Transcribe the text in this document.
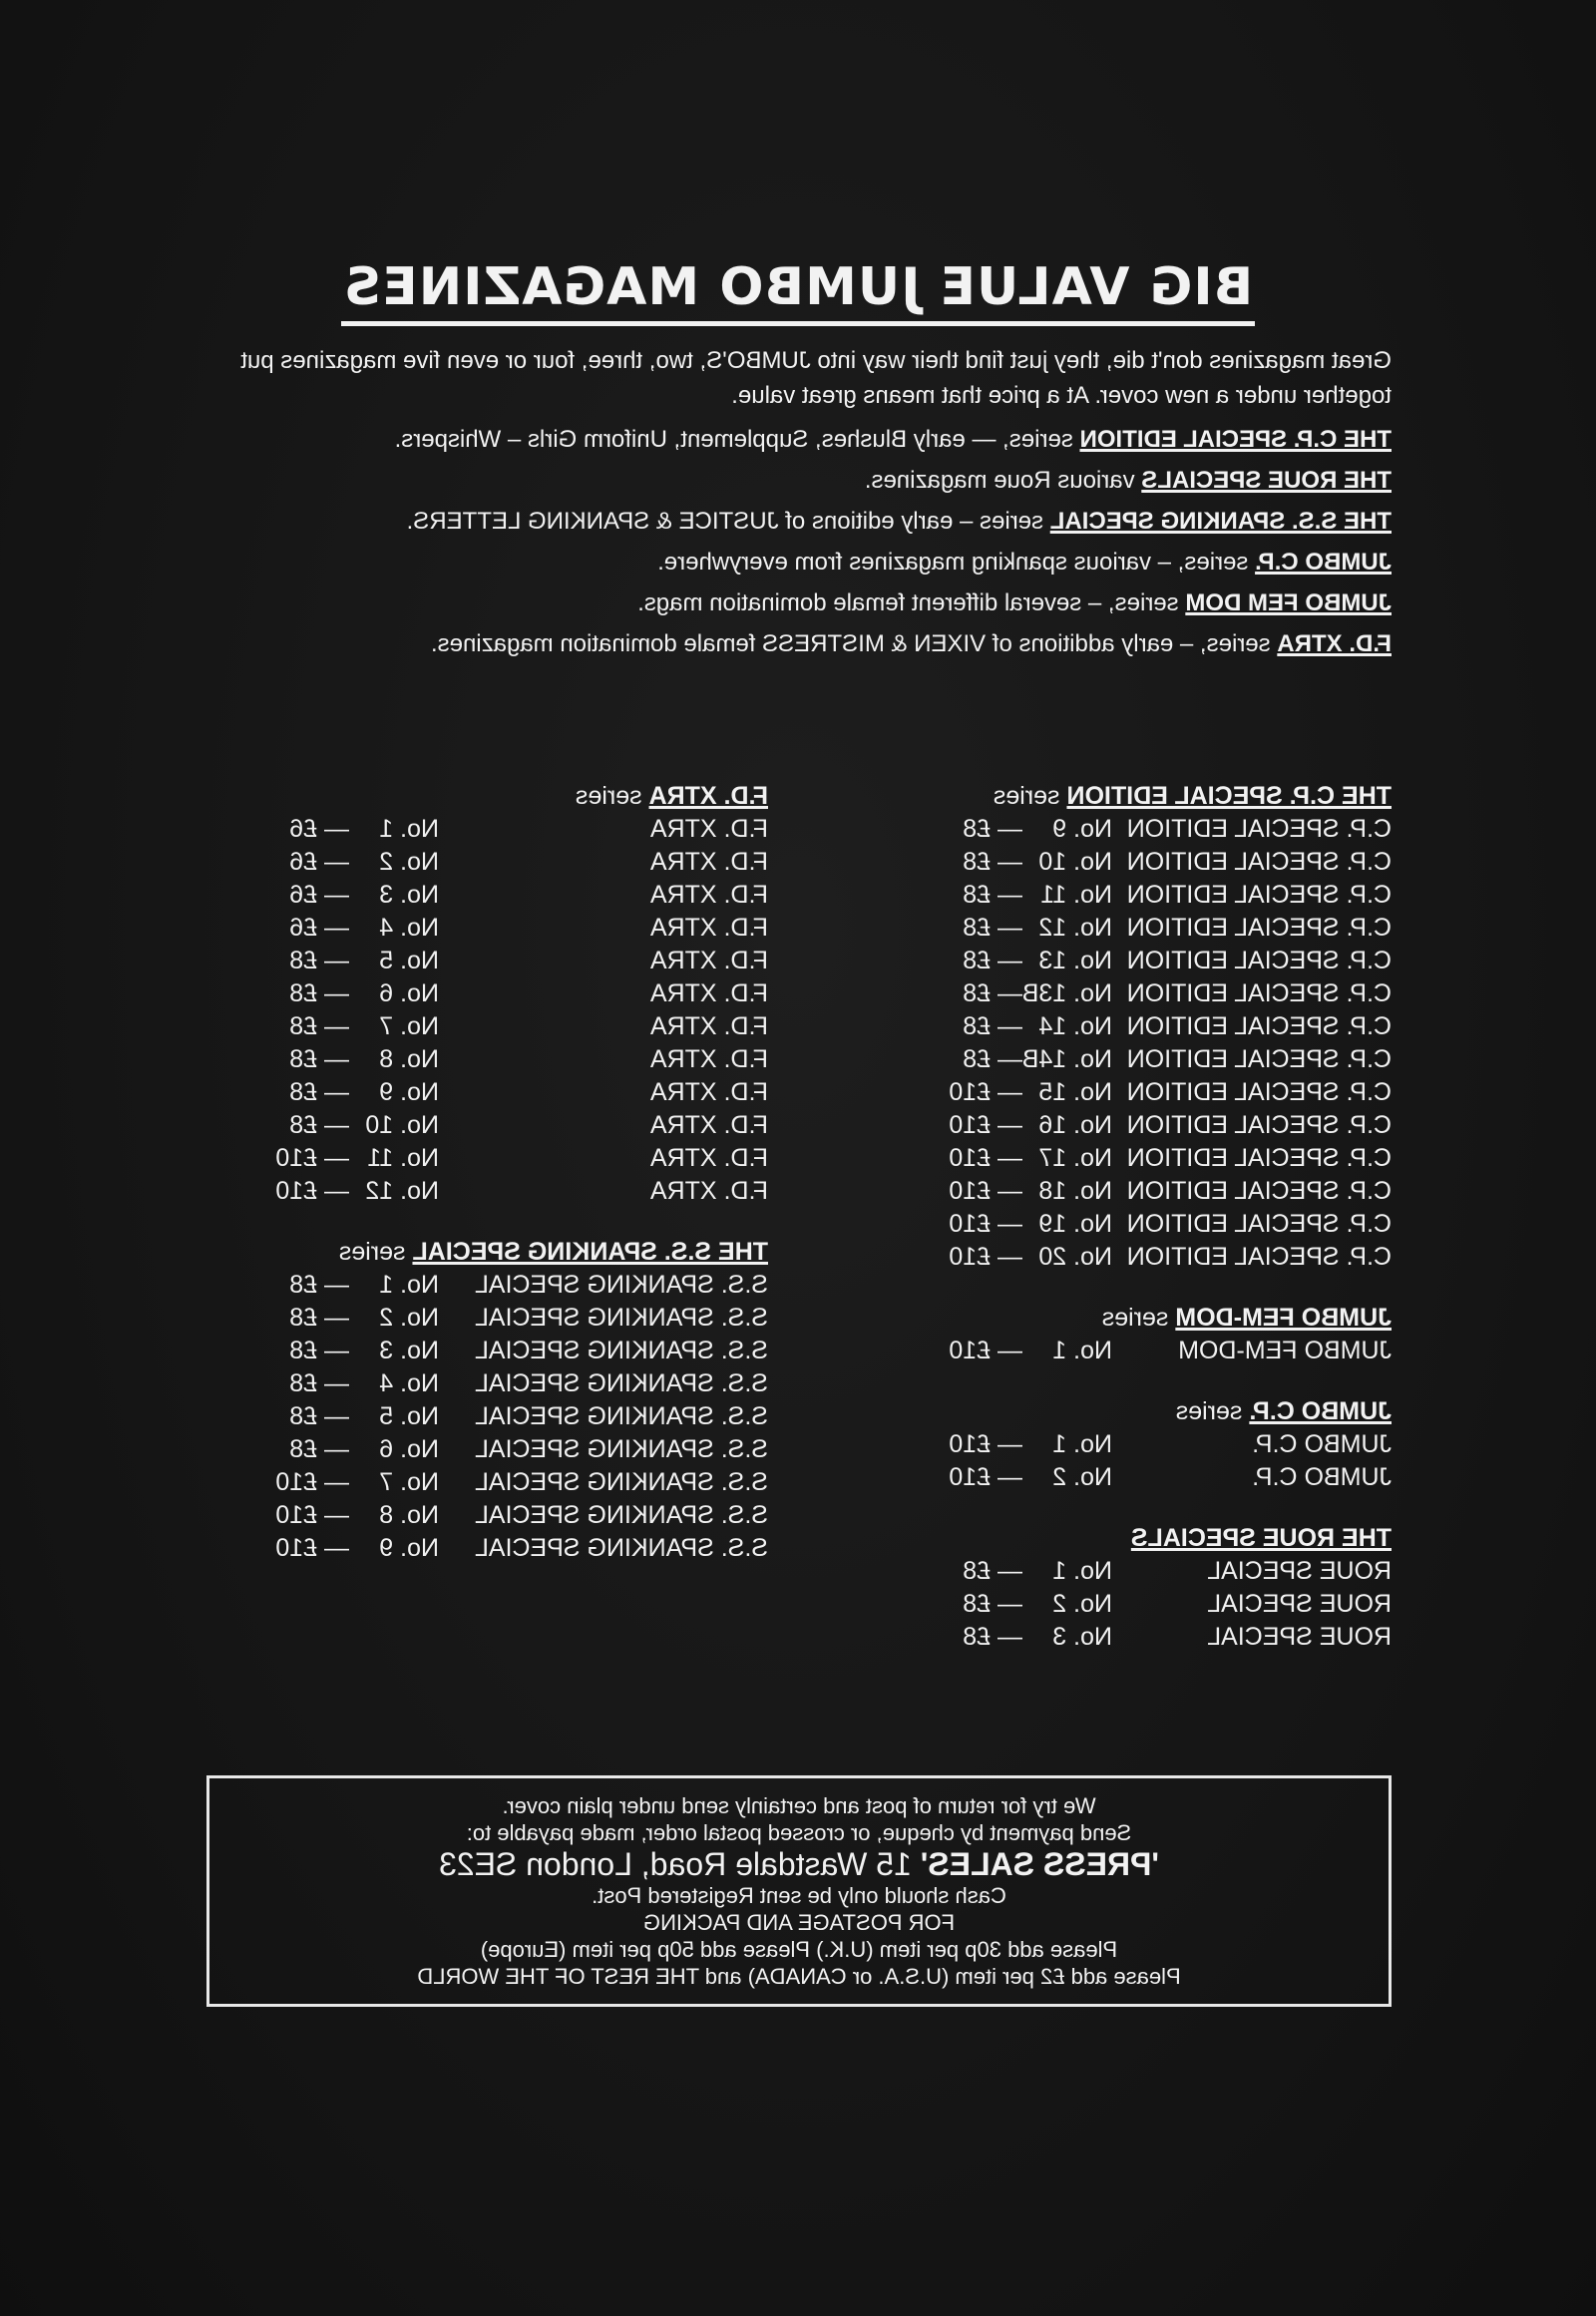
BIG VALUE JUMBO MAGAZINES

Great magazines don't die, they just find their way into JUMBO'S, two, three, four or even five magazines put together under a new cover. At a price that means great value.

THE C.P. SPECIAL EDITION series, — early Blushes, Supplement, Uniform Girls – Whispers.
THE ROUE SPECIALS various Roue magazines.
THE S.S. SPANKING SPECIAL series – early editions of JUSTICE & SPANKING LETTERS.
JUMBO C.P. series, – various spanking magazines from everywhere.
JUMBO FEM DOM series, – several different female domination mags.
F.D. XTRA series, – early additions of VIXEN & MISTRESS female domination magazines.
THE C.P. SPECIAL EDITION series
C.P. SPECIAL EDITION
No. 9
— £8
C.P. SPECIAL EDITION
No. 10
— £8
C.P. SPECIAL EDITION
No. 11
— £8
C.P. SPECIAL EDITION
No. 12
— £8
C.P. SPECIAL EDITION
No. 13
— £8
C.P. SPECIAL EDITION
No. 13B
— £8
C.P. SPECIAL EDITION
No. 14
— £8
C.P. SPECIAL EDITION
No. 14B
— £8
C.P. SPECIAL EDITION
No. 15
— £10
C.P. SPECIAL EDITION
No. 16
— £10
C.P. SPECIAL EDITION
No. 17
— £10
C.P. SPECIAL EDITION
No. 18
— £10
C.P. SPECIAL EDITION
No. 19
— £10
C.P. SPECIAL EDITION
No. 20
— £10
JUMBO FEM-DOM series
JUMBO FEM-DOM
No. 1
— £10
JUMBO C.P. series
JUMBO C.P.
No. 1
— £10
JUMBO C.P.
No. 2
— £10
THE ROUE SPECIALS
ROUE SPECIAL
No. 1
— £8
ROUE SPECIAL
No. 2
— £8
ROUE SPECIAL
No. 3
— £8
F.D. XTRA series
F.D. XTRA
No. 1
— £6
F.D. XTRA
No. 2
— £6
F.D. XTRA
No. 3
— £6
F.D. XTRA
No. 4
— £6
F.D. XTRA
No. 5
— £8
F.D. XTRA
No. 6
— £8
F.D. XTRA
No. 7
— £8
F.D. XTRA
No. 8
— £8
F.D. XTRA
No. 9
— £8
F.D. XTRA
No. 10
— £8
F.D. XTRA
No. 11
— £10
F.D. XTRA
No. 12
— £10
THE S.S. SPANKING SPECIAL series
S.S. SPANKING SPECIAL
No. 1
— £8
S.S. SPANKING SPECIAL
No. 2
— £8
S.S. SPANKING SPECIAL
No. 3
— £8
S.S. SPANKING SPECIAL
No. 4
— £8
S.S. SPANKING SPECIAL
No. 5
— £8
S.S. SPANKING SPECIAL
No. 6
— £8
S.S. SPANKING SPECIAL
No. 7
— £10
S.S. SPANKING SPECIAL
No. 8
— £10
S.S. SPANKING SPECIAL
No. 9
— £10
We try for return of post and certainly send under plain cover.
Send payment by cheque, or crossed postal order, made payable to:
'PRESS SALES' 15 Wastdale Road, London SE23
Cash should only be sent Registered Post.
FOR POSTAGE AND PACKING
Please add 30p per item (U.K.) Please add 50p per item (Europe)
Please add £2 per item (U.S.A. or CANADA) and THE REST OF THE WORLD
